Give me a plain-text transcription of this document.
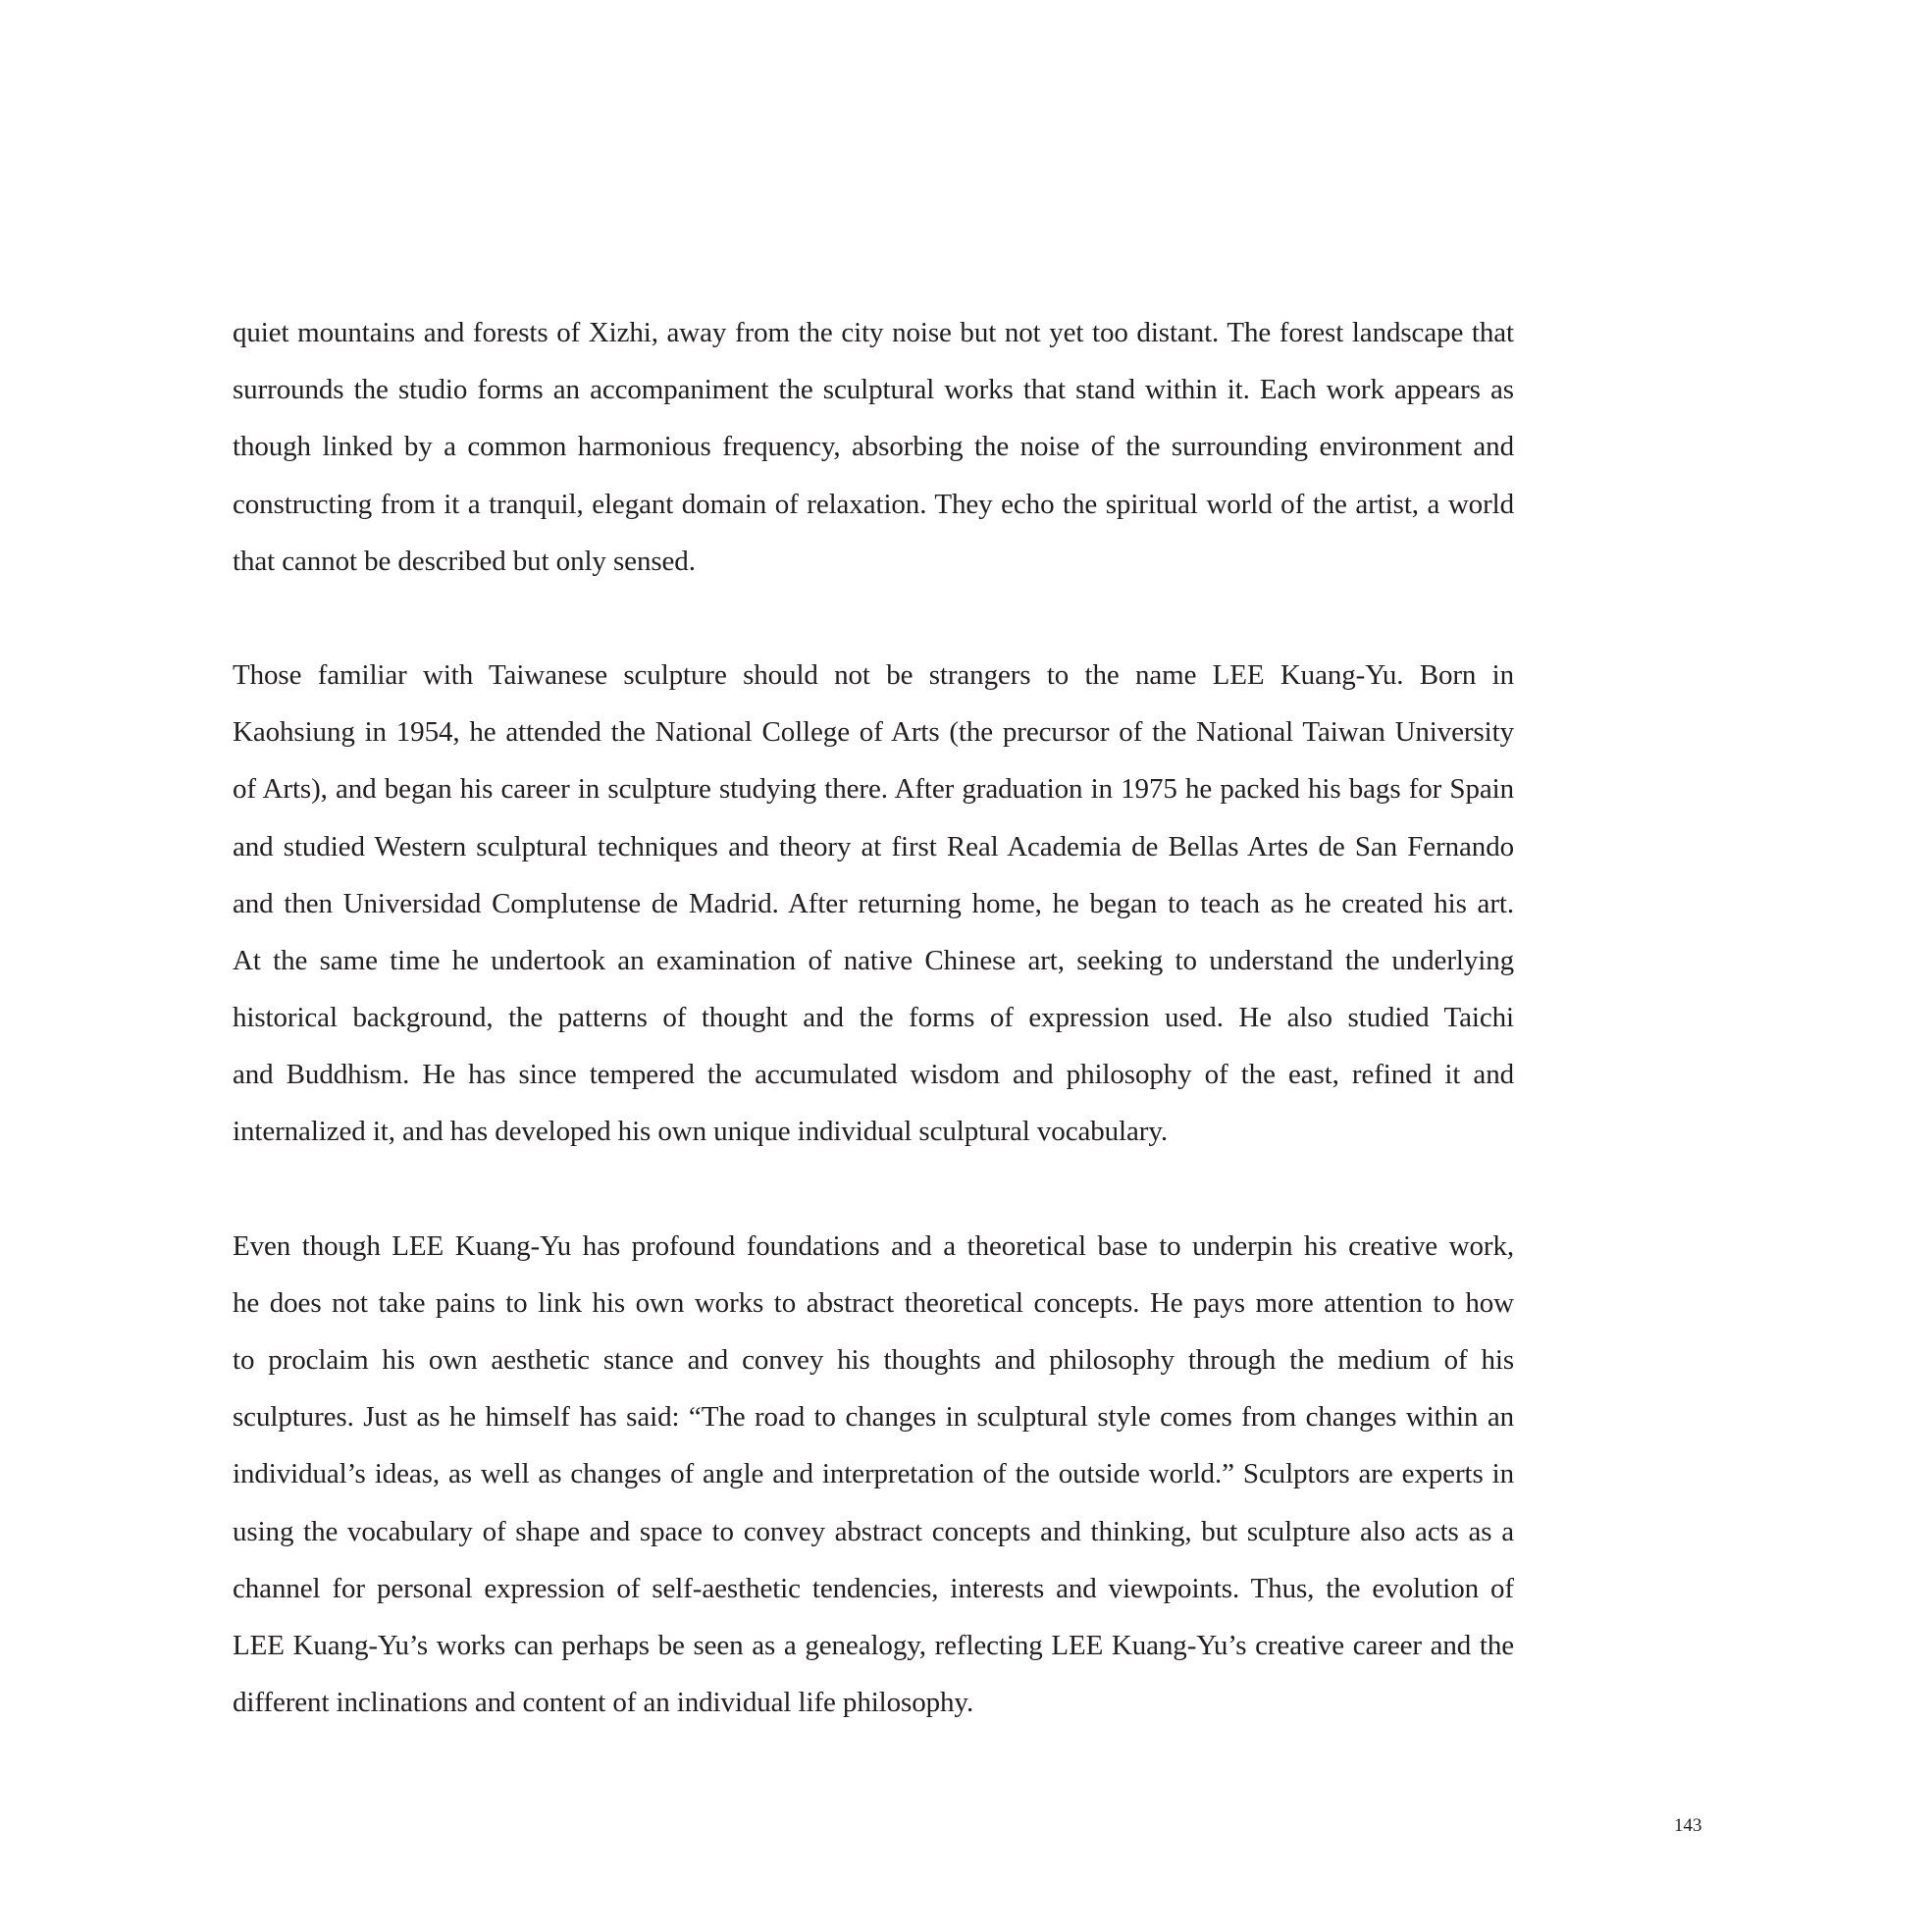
quiet mountains and forests of Xizhi, away from the city noise but not yet too distant. The forest landscape that
surrounds the studio forms an accompaniment the sculptural works that stand within it. Each work appears as
though linked by a common harmonious frequency, absorbing the noise of the surrounding environment and
constructing from it a tranquil, elegant domain of relaxation. They echo the spiritual world of the artist, a world
that cannot be described but only sensed.
Those familiar with Taiwanese sculpture should not be strangers to the name LEE Kuang-Yu. Born in
Kaohsiung in 1954, he attended the National College of Arts (the precursor of the National Taiwan University
of Arts), and began his career in sculpture studying there. After graduation in 1975 he packed his bags for Spain
and studied Western sculptural techniques and theory at first Real Academia de Bellas Artes de San Fernando
and then Universidad Complutense de Madrid. After returning home, he began to teach as he created his art.
At the same time he undertook an examination of native Chinese art, seeking to understand the underlying
historical background, the patterns of thought and the forms of expression used. He also studied Taichi
and Buddhism. He has since tempered the accumulated wisdom and philosophy of the east, refined it and
internalized it, and has developed his own unique individual sculptural vocabulary.
Even though LEE Kuang-Yu has profound foundations and a theoretical base to underpin his creative work,
he does not take pains to link his own works to abstract theoretical concepts. He pays more attention to how
to proclaim his own aesthetic stance and convey his thoughts and philosophy through the medium of his
sculptures. Just as he himself has said: “The road to changes in sculptural style comes from changes within an
individual’s ideas, as well as changes of angle and interpretation of the outside world.” Sculptors are experts in
using the vocabulary of shape and space to convey abstract concepts and thinking, but sculpture also acts as a
channel for personal expression of self-aesthetic tendencies, interests and viewpoints. Thus, the evolution of
LEE Kuang-Yu’s works can perhaps be seen as a genealogy, reflecting LEE Kuang-Yu’s creative career and the
different inclinations and content of an individual life philosophy.
143
